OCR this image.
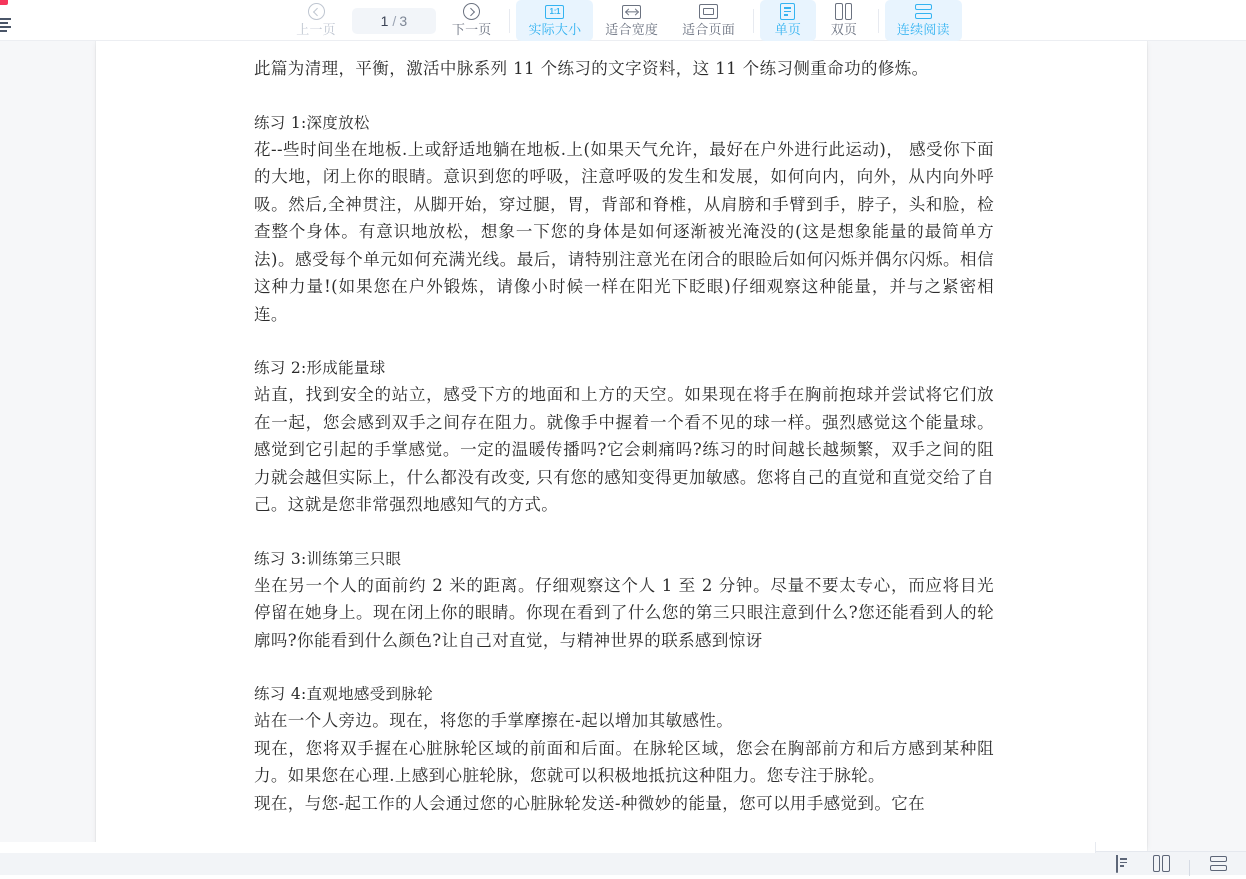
上一页
1 / 3
下一页
1:1
实际大小 适合宽度 适合页面	单页 双页	连续阅读

此篇为清理，平衡，激活中脉系列 11 个练习的文字资料，这 11 个练习侧重命功的修炼。

练习 1:深度放松

花--些时间坐在地板.上或舒适地躺在地板.上(如果天气允许，最好在户外进行此运动)， 感受你下面的大地，闭上你的眼睛。意识到您的呼吸，注意呼吸的发生和发展，如何向内，向外，从内向外呼吸。然后,全神贯注，从脚开始，穿过腿，胃，背部和脊椎，从肩膀和手臂到手，脖子，头和脸，检查整个身体。有意识地放松，想象一下您的身体是如何逐渐被光淹没的(这是想象能量的最简单方法)。感受每个单元如何充满光线。最后，请特别注意光在闭合的眼睑后如何闪烁并偶尔闪烁。相信这种力量!(如果您在户外锻炼，请像小时候一样在阳光下眨眼)仔细观察这种能量，并与之紧密相连。

练习 2:形成能量球

站直，找到安全的站立，感受下方的地面和上方的天空。如果现在将手在胸前抱球并尝试将它们放在一起，您会感到双手之间存在阻力。就像手中握着一个看不见的球一样。强烈感觉这个能量球。感觉到它引起的手掌感觉。一定的温暖传播吗?它会刺痛吗?练习的时间越长越频繁，双手之间的阻力就会越但实际上，什么都没有改变, 只有您的感知变得更加敏感。您将自己的直觉和直觉交给了自己。这就是您非常强烈地感知气的方式。

练习 3:训练第三只眼

坐在另一个人的面前约 2 米的距离。仔细观察这个人 1 至 2 分钟。尽量不要太专心，而应将目光停留在她身上。现在闭上你的眼睛。你现在看到了什么您的第三只眼注意到什么?您还能看到人的轮廓吗?你能看到什么颜色?让自己对直觉，与精神世界的联系感到惊讶

练习 4:直观地感受到脉轮

站在一个人旁边。现在，将您的手掌摩擦在-起以增加其敏感性。

现在，您将双手握在心脏脉轮区域的前面和后面。在脉轮区域，您会在胸部前方和后方感到某种阻力。如果您在心理.上感到心脏轮脉，您就可以积极地抵抗这种阻力。您专注于脉轮。

现在，与您-起工作的人会通过您的心脏脉轮发送-种微妙的能量，您可以用手感觉到。它在
